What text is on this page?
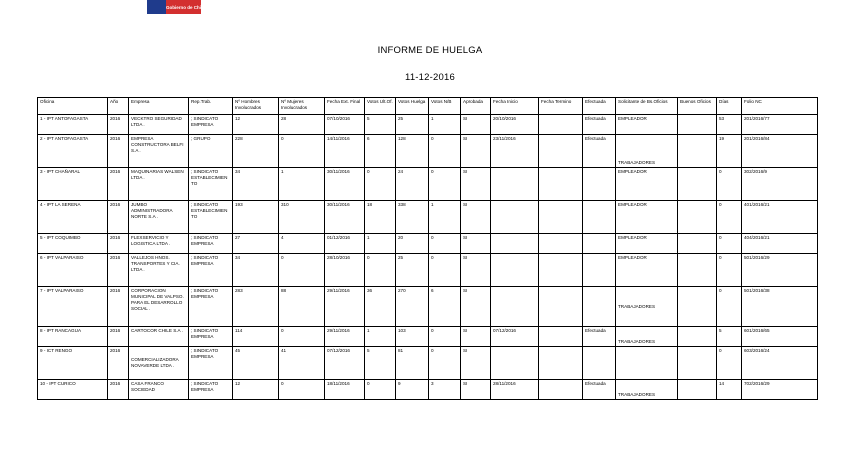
Gobierno de Chile
INFORME DE HUELGA
11-12-2016
Oficina	Año	Empresa	Rep.Trab.	Nº Hombres Involucrados	Nº Mujeres Involucrados	Fecha Ext. Final	Votos Ult.Of.	Votos Huelga	Votos N/B	Aprobada	Fecha Inicio	Fecha Termino	Efectuada	Solicitante de Bs.Oficios	Buenos Oficios	Días	Folio NC
1 - IPT ANTOFAGASTA	2016	VECKTRO SEGURIDAD LTDA .	; SINDICATO EMPRESA	12	28	07/10/2016	5	25	1	SI	20/10/2016		Efectuada	EMPLEADOR		53	201/2016/77
2 - IPT ANTOFAGASTA	2016	EMPRESA CONSTRUCTORA BELFI S.A .	; GRUPO	228	0	14/11/2016	6	128	0	SI	23/11/2016		Efectuada	TRABAJADORES		19	201/2016/84
3 - IPT CHAÑARAL	2016	MAQUINARIAS WALSEN LTDA .	; SINDICATO ESTABLECIMIENTO	34	1	30/11/2016	0	24	0	SI				EMPLEADOR		0	302/2016/9
4 - IPT LA SERENA	2016	JUMBO ADMINISTRADORA NORTE S.A .	; SINDICATO ESTABLECIMIENTO	193	310	30/11/2016	18	338	1	SI				EMPLEADOR		0	401/2016/21
5 - IPT COQUIMBO	2016	FLEXSERVICIO Y LOGISTICA LTDA .	; SINDICATO EMPRESA	27	4	01/12/2016	1	20	0	SI				EMPLEADOR		0	404/2016/21
6 - IPT VALPARAISO	2016	VALLEJOS HNOS. TRANSPORTES Y CIA. LTDA .	; SINDICATO EMPRESA	34	0	28/10/2016	0	25	0	SI				EMPLEADOR		0	501/2016/29
7 - IPT VALPARAISO	2016	CORPORACION MUNICIPAL DE VALPSO. PARA EL DESARROLLO SOCIAL .	; SINDICATO EMPRESA	283	88	29/11/2016	36	270	6	SI				TRABAJADORES		0	501/2016/38
8 - IPT RANCAGUA	2016	CARTOCOR CHILE S.A .	; SINDICATO EMPRESA	114	0	29/11/2016	1	103	0	SI	07/12/2016		Efectuada	TRABAJADORES		5	601/2016/65
9 - ICT RENGO	2016	COMERCIALIZADORA NOVAVERDE LTDA .	; SINDICATO EMPRESA	45	41	07/12/2016	5	81	0	SI						0	603/2016/24
10 - IPT CURICO	2016	CASA FRANCO SOCIEDAD	; SINDICATO EMPRESA	12	0	18/11/2016	0	9	3	SI	28/11/2016		Efectuada	TRABAJADORES		14	702/2016/29
